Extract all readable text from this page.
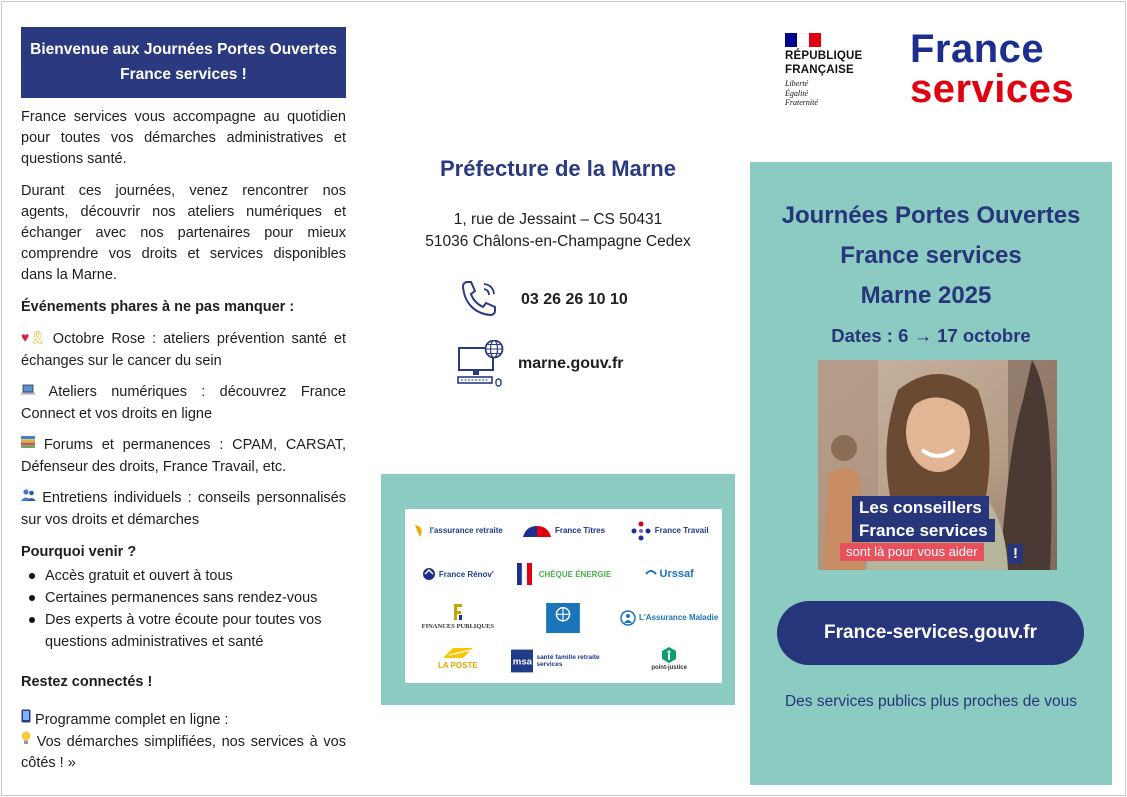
Bienvenue aux Journées Portes Ouvertes France services !

France services vous accompagne au quotidien pour toutes vos démarches administratives et questions santé.

Durant ces journées, venez rencontrer nos agents, découvrir nos ateliers numériques et échanger avec nos partenaires pour mieux comprendre vos droits et services disponibles dans la Marne.

Événements phares à ne pas manquer :

♥🎗 Octobre Rose : ateliers prévention santé et échanges sur le cancer du sein

Ateliers numériques : découvrez France Connect et vos droits en ligne

Forums et permanences : CPAM, CARSAT, Défenseur des droits, France Travail, etc.

Entretiens individuels : conseils personnalisés sur vos droits et démarches

Pourquoi venir ?

Accès gratuit et ouvert à tous
Certaines permanences sans rendez-vous
Des experts à votre écoute pour toutes vos questions administratives et santé

Restez connectés !

Programme complet en ligne :

Vos démarches simplifiées, nos services à vos côtés ! »

Préfecture de la Marne
1, rue de Jessaint – CS 50431
51036 Châlons-en-Champagne Cedex
03 26 26 10 10
marne.gouv.fr
l'assurance retraite	France Titres	France Travail
France Rénov'	CHÈQUE ÉNERGIE	Urssaf
FINANCES PUBLIQUES
L'Assurance Maladie
LA POSTE	msa santé famille retraite services	point-justice
RÉPUBLIQUE FRANÇAISE
Liberté
Égalité
Fraternité
France
services
Journées Portes Ouvertes
France services
Marne 2025
Dates : 6 → 17 octobre
Les conseillers
France services
sont là pour vous aider	!
France-services.gouv.fr
Des services publics plus proches de vous
